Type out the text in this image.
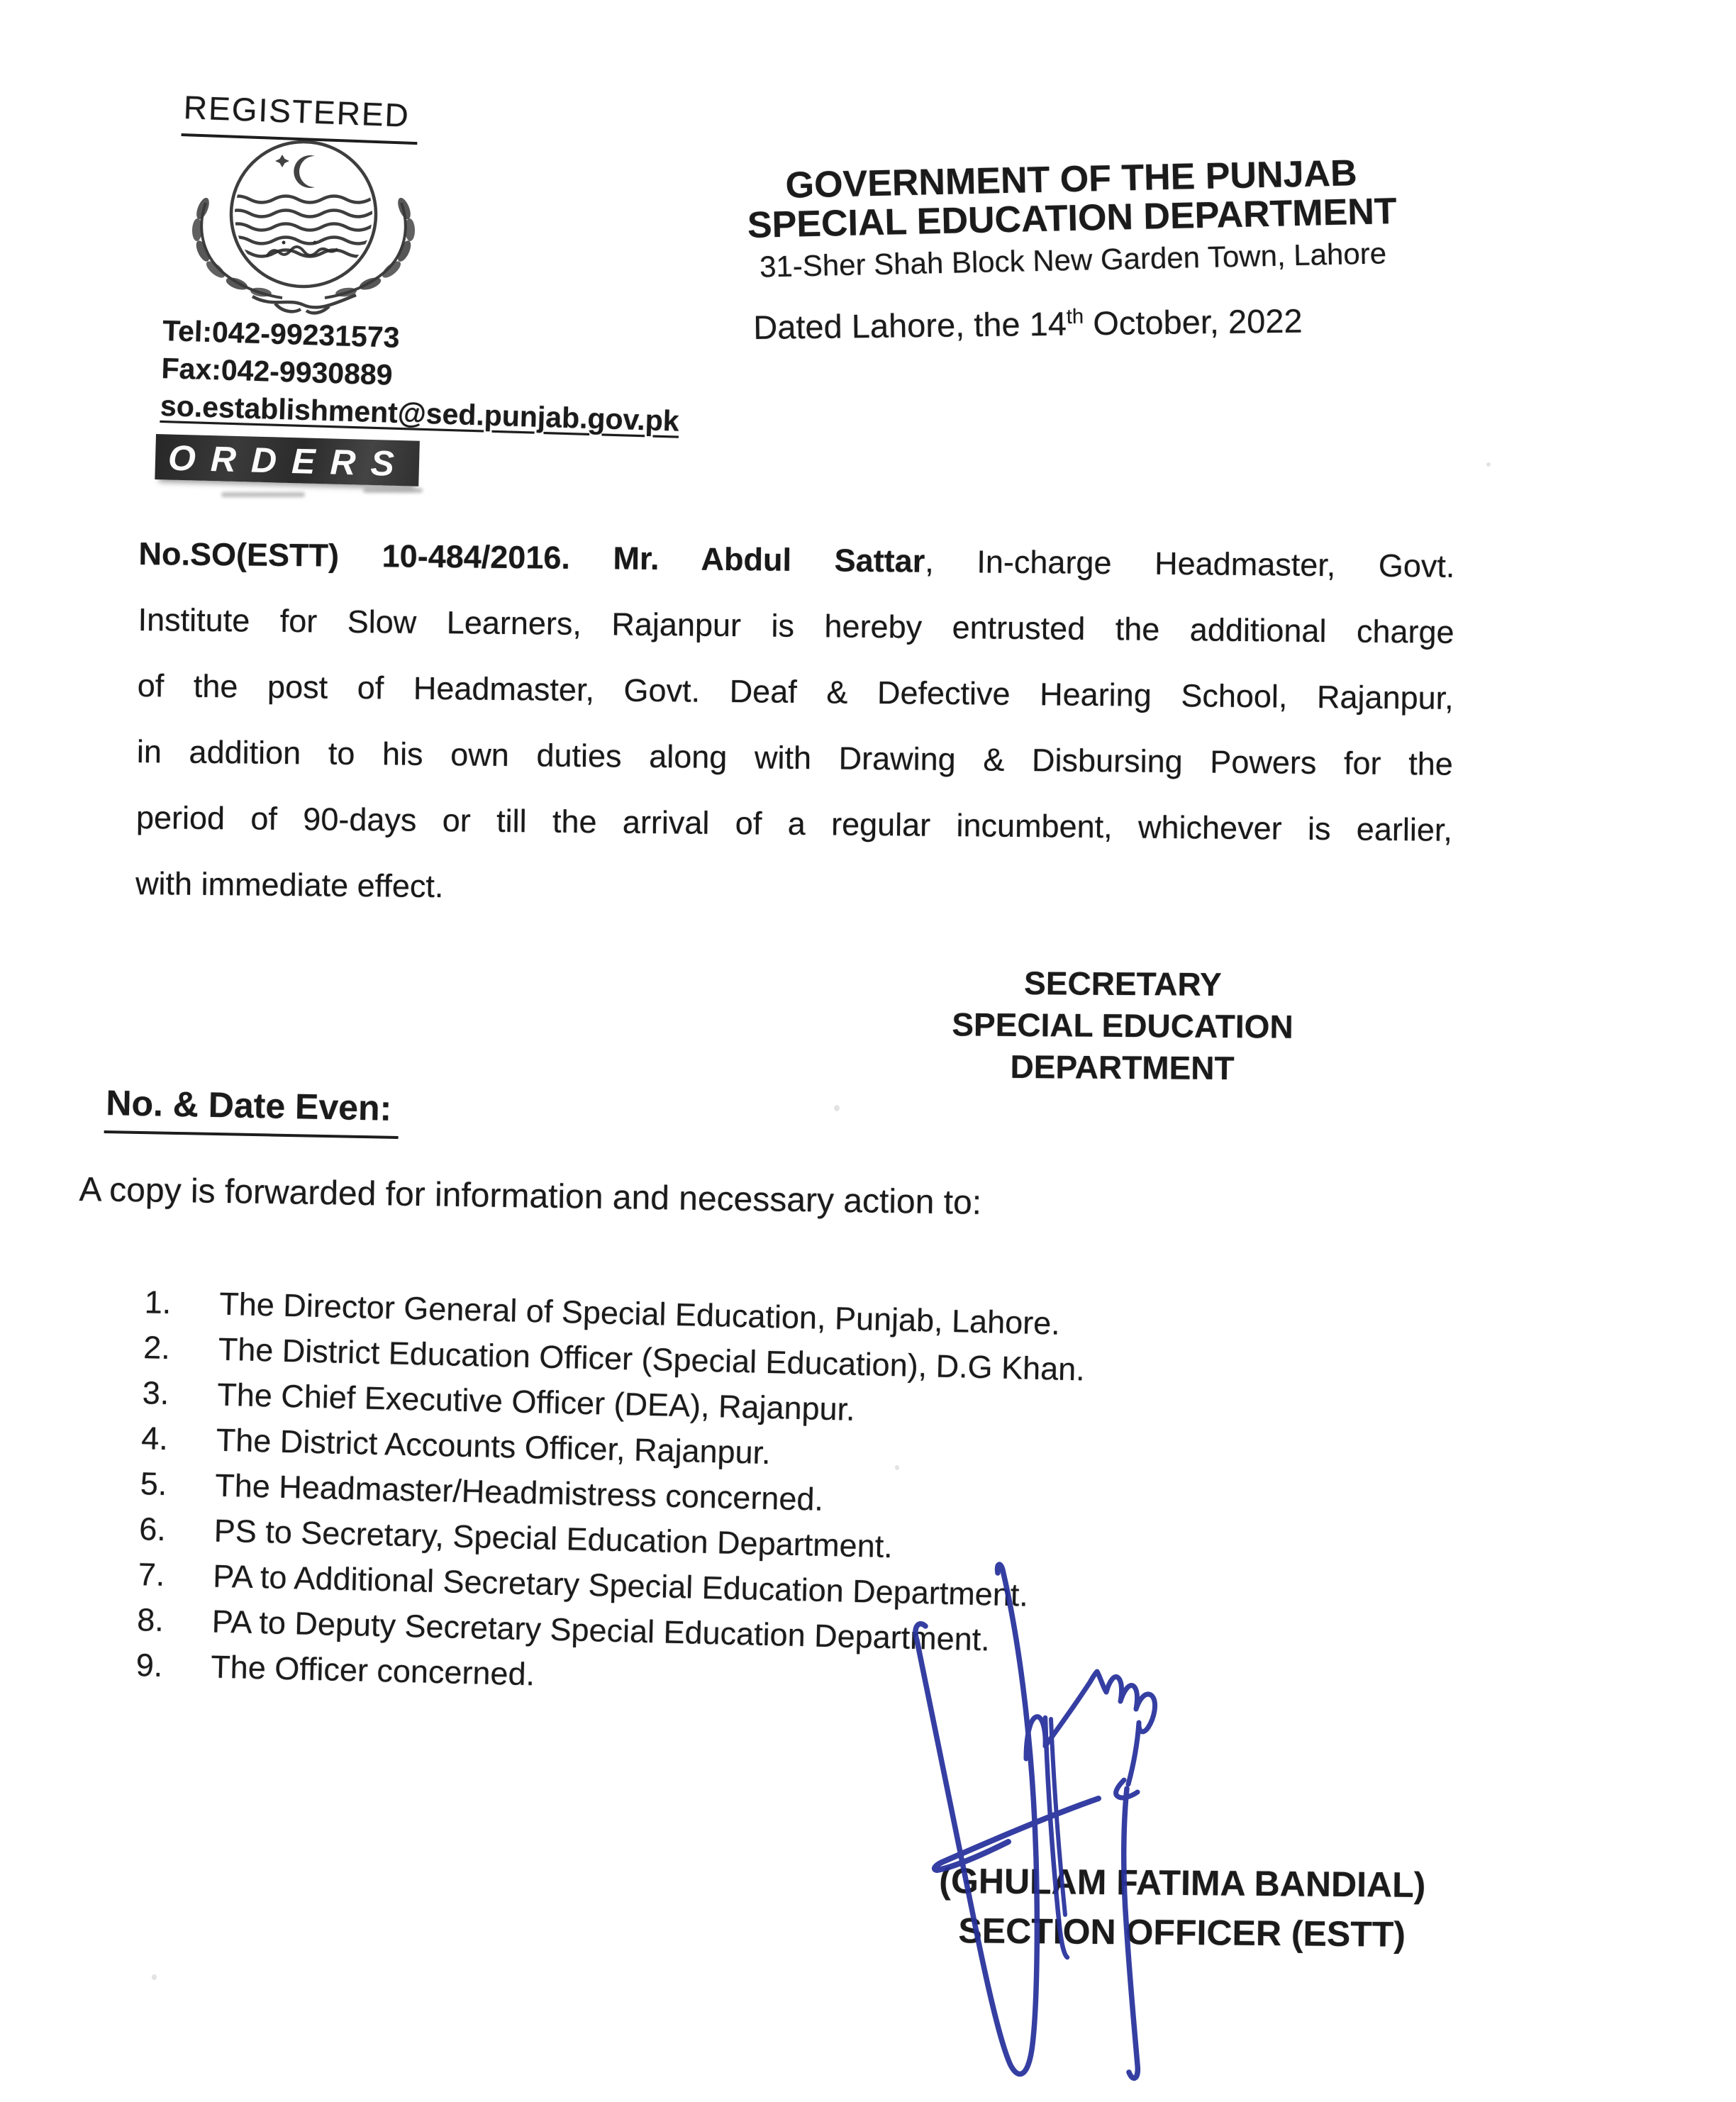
REGISTERED
Tel:042-99231573
Fax:042-9930889
so.establishment@sed.punjab.gov.pk
GOVERNMENT OF THE PUNJAB
SPECIAL EDUCATION DEPARTMENT
31-Sher Shah Block New Garden Town, Lahore
Dated Lahore, the 14th October, 2022
ORDERS
No.SO(ESTT) 10-484/2016. Mr. Abdul Sattar, In-charge Headmaster, Govt.
Institute for Slow Learners, Rajanpur is hereby entrusted the additional charge
of the post of Headmaster, Govt. Deaf & Defective Hearing School, Rajanpur,
in addition to his own duties along with Drawing & Disbursing Powers for the
period of 90-days or till the arrival of a regular incumbent, whichever is earlier,
with immediate effect.
SECRETARY
SPECIAL EDUCATION
DEPARTMENT
No. & Date Even:
A copy is forwarded for information and necessary action to:
1. The Director General of Special Education, Punjab, Lahore.
2. The District Education Officer (Special Education), D.G Khan.
3. The Chief Executive Officer (DEA), Rajanpur.
4. The District Accounts Officer, Rajanpur.
5. The Headmaster/Headmistress concerned.
6. PS to Secretary, Special Education Department.
7. PA to Additional Secretary Special Education Department.
8. PA to Deputy Secretary Special Education Department.
9. The Officer concerned.
(GHULAM FATIMA BANDIAL)
SECTION OFFICER (ESTT)
